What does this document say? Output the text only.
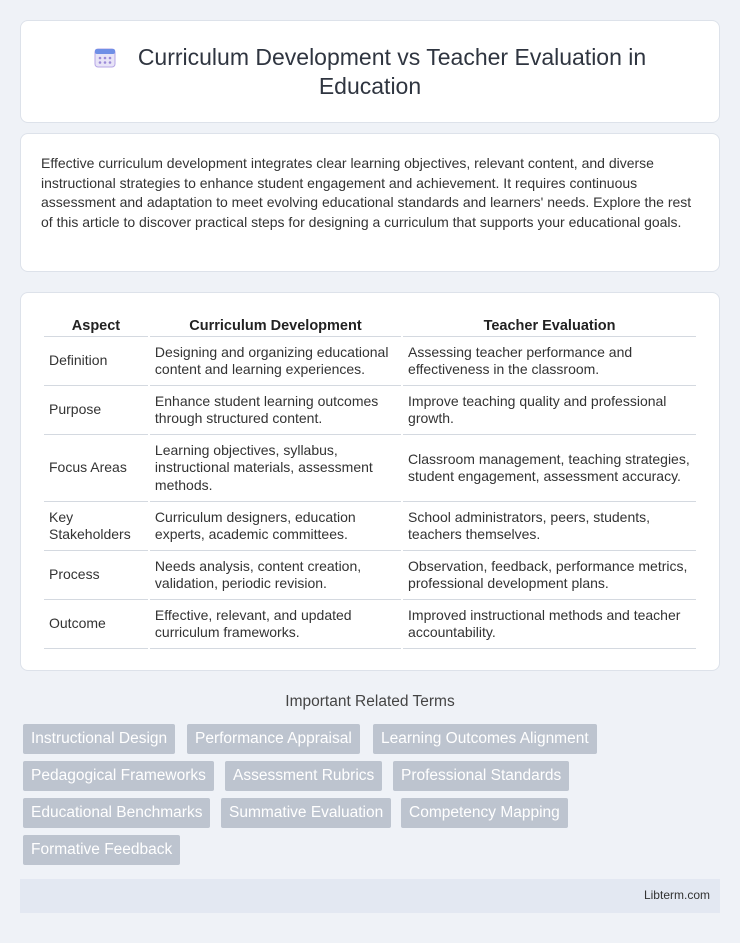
Curriculum Development vs Teacher Evaluation in Education

Effective curriculum development integrates clear learning objectives, relevant content, and diverse instructional strategies to enhance student engagement and achievement. It requires continuous assessment and adaptation to meet evolving educational standards and learners' needs. Explore the rest of this article to discover practical steps for designing a curriculum that supports your educational goals.

Aspect	Curriculum Development	Teacher Evaluation
Definition	Designing and organizing educational content and learning experiences.	Assessing teacher performance and effectiveness in the classroom.
Purpose	Enhance student learning outcomes through structured content.	Improve teaching quality and professional growth.
Focus Areas	Learning objectives, syllabus, instructional materials, assessment methods.	Classroom management, teaching strategies, student engagement, assessment accuracy.
Key Stakeholders	Curriculum designers, education experts, academic committees.	School administrators, peers, students, teachers themselves.
Process	Needs analysis, content creation, validation, periodic revision.	Observation, feedback, performance metrics, professional development plans.
Outcome	Effective, relevant, and updated curriculum frameworks.	Improved instructional methods and teacher accountability.
Important Related Terms
Instructional Design	Performance Appraisal	Learning Outcomes Alignment
Pedagogical Frameworks	Assessment Rubrics	Professional Standards
Educational Benchmarks	Summative Evaluation	Competency Mapping
Formative Feedback
Libterm.com
